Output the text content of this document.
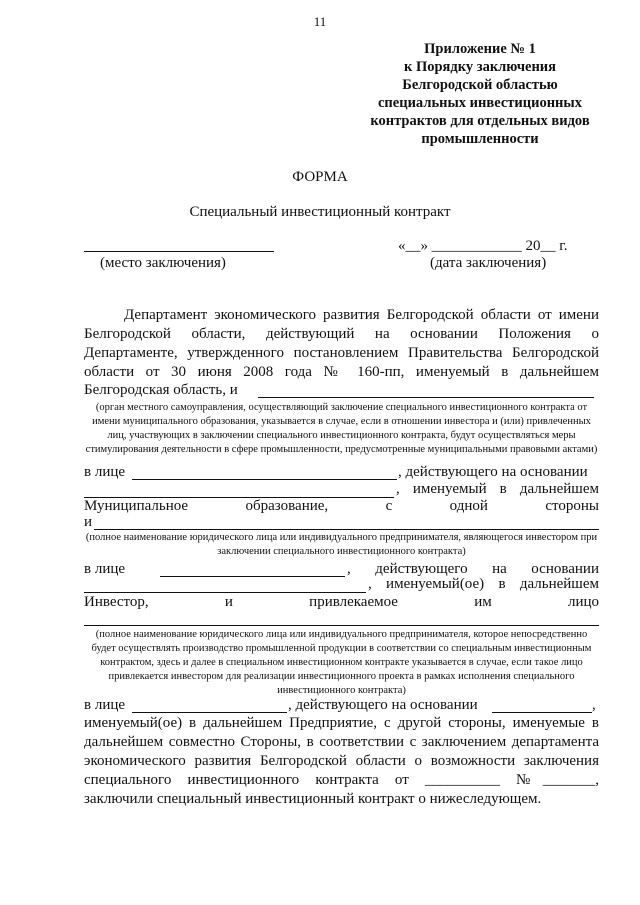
11
Приложение № 1
к Порядку заключения
Белгородской областью
специальных инвестиционных
контрактов для отдельных видов
промышленности
ФОРМА
Специальный инвестиционный контракт
(место заключения)
«__» ____________ 20__ г.
(дата заключения)
Департамент экономического развития Белгородской области от имени
Белгородской области, действующий на основании Положения о
Департаменте, утвержденного постановлением Правительства Белгородской
области от 30 июня 2008 года № 160-пп, именуемый в дальнейшем
Белгородская область, и
(орган местного самоуправления, осуществляющий заключение специального инвестиционного контракта от имени муниципального образования, указывается в случае, если в отношении инвестора и (или) привлеченных лиц, участвующих в заключении специального инвестиционного контракта, будут осуществляться меры стимулирования деятельности в сфере промышленности, предусмотренные муниципальными правовыми актами)
в лице	, действующего на основании
, именуемый в дальнейшем
Муниципальное образование, с одной стороны
и
(полное наименование юридического лица или индивидуального предпринимателя, являющегося инвестором при заключении специального инвестиционного контракта)
в лице	, действующего на основании
, именуемый(ое) в дальнейшем
Инвестор, и привлекаемое им лицо
(полное наименование юридического лица или индивидуального предпринимателя, которое непосредственно будет осуществлять производство промышленной продукции в соответствии со специальным инвестиционным контрактом, здесь и далее в специальном инвестиционном контракте указывается в случае, если такое лицо привлекается инвестором для реализации инвестиционного проекта в рамках исполнения специального инвестиционного контракта)
в лице	, действующего на основании	,
именуемый(ое) в дальнейшем Предприятие, с другой стороны, именуемые в
дальнейшем совместно Стороны, в соответствии с заключением департамента
экономического развития Белгородской области о возможности заключения
специального инвестиционного контракта от __________ №_______,
заключили специальный инвестиционный контракт о нижеследующем.
